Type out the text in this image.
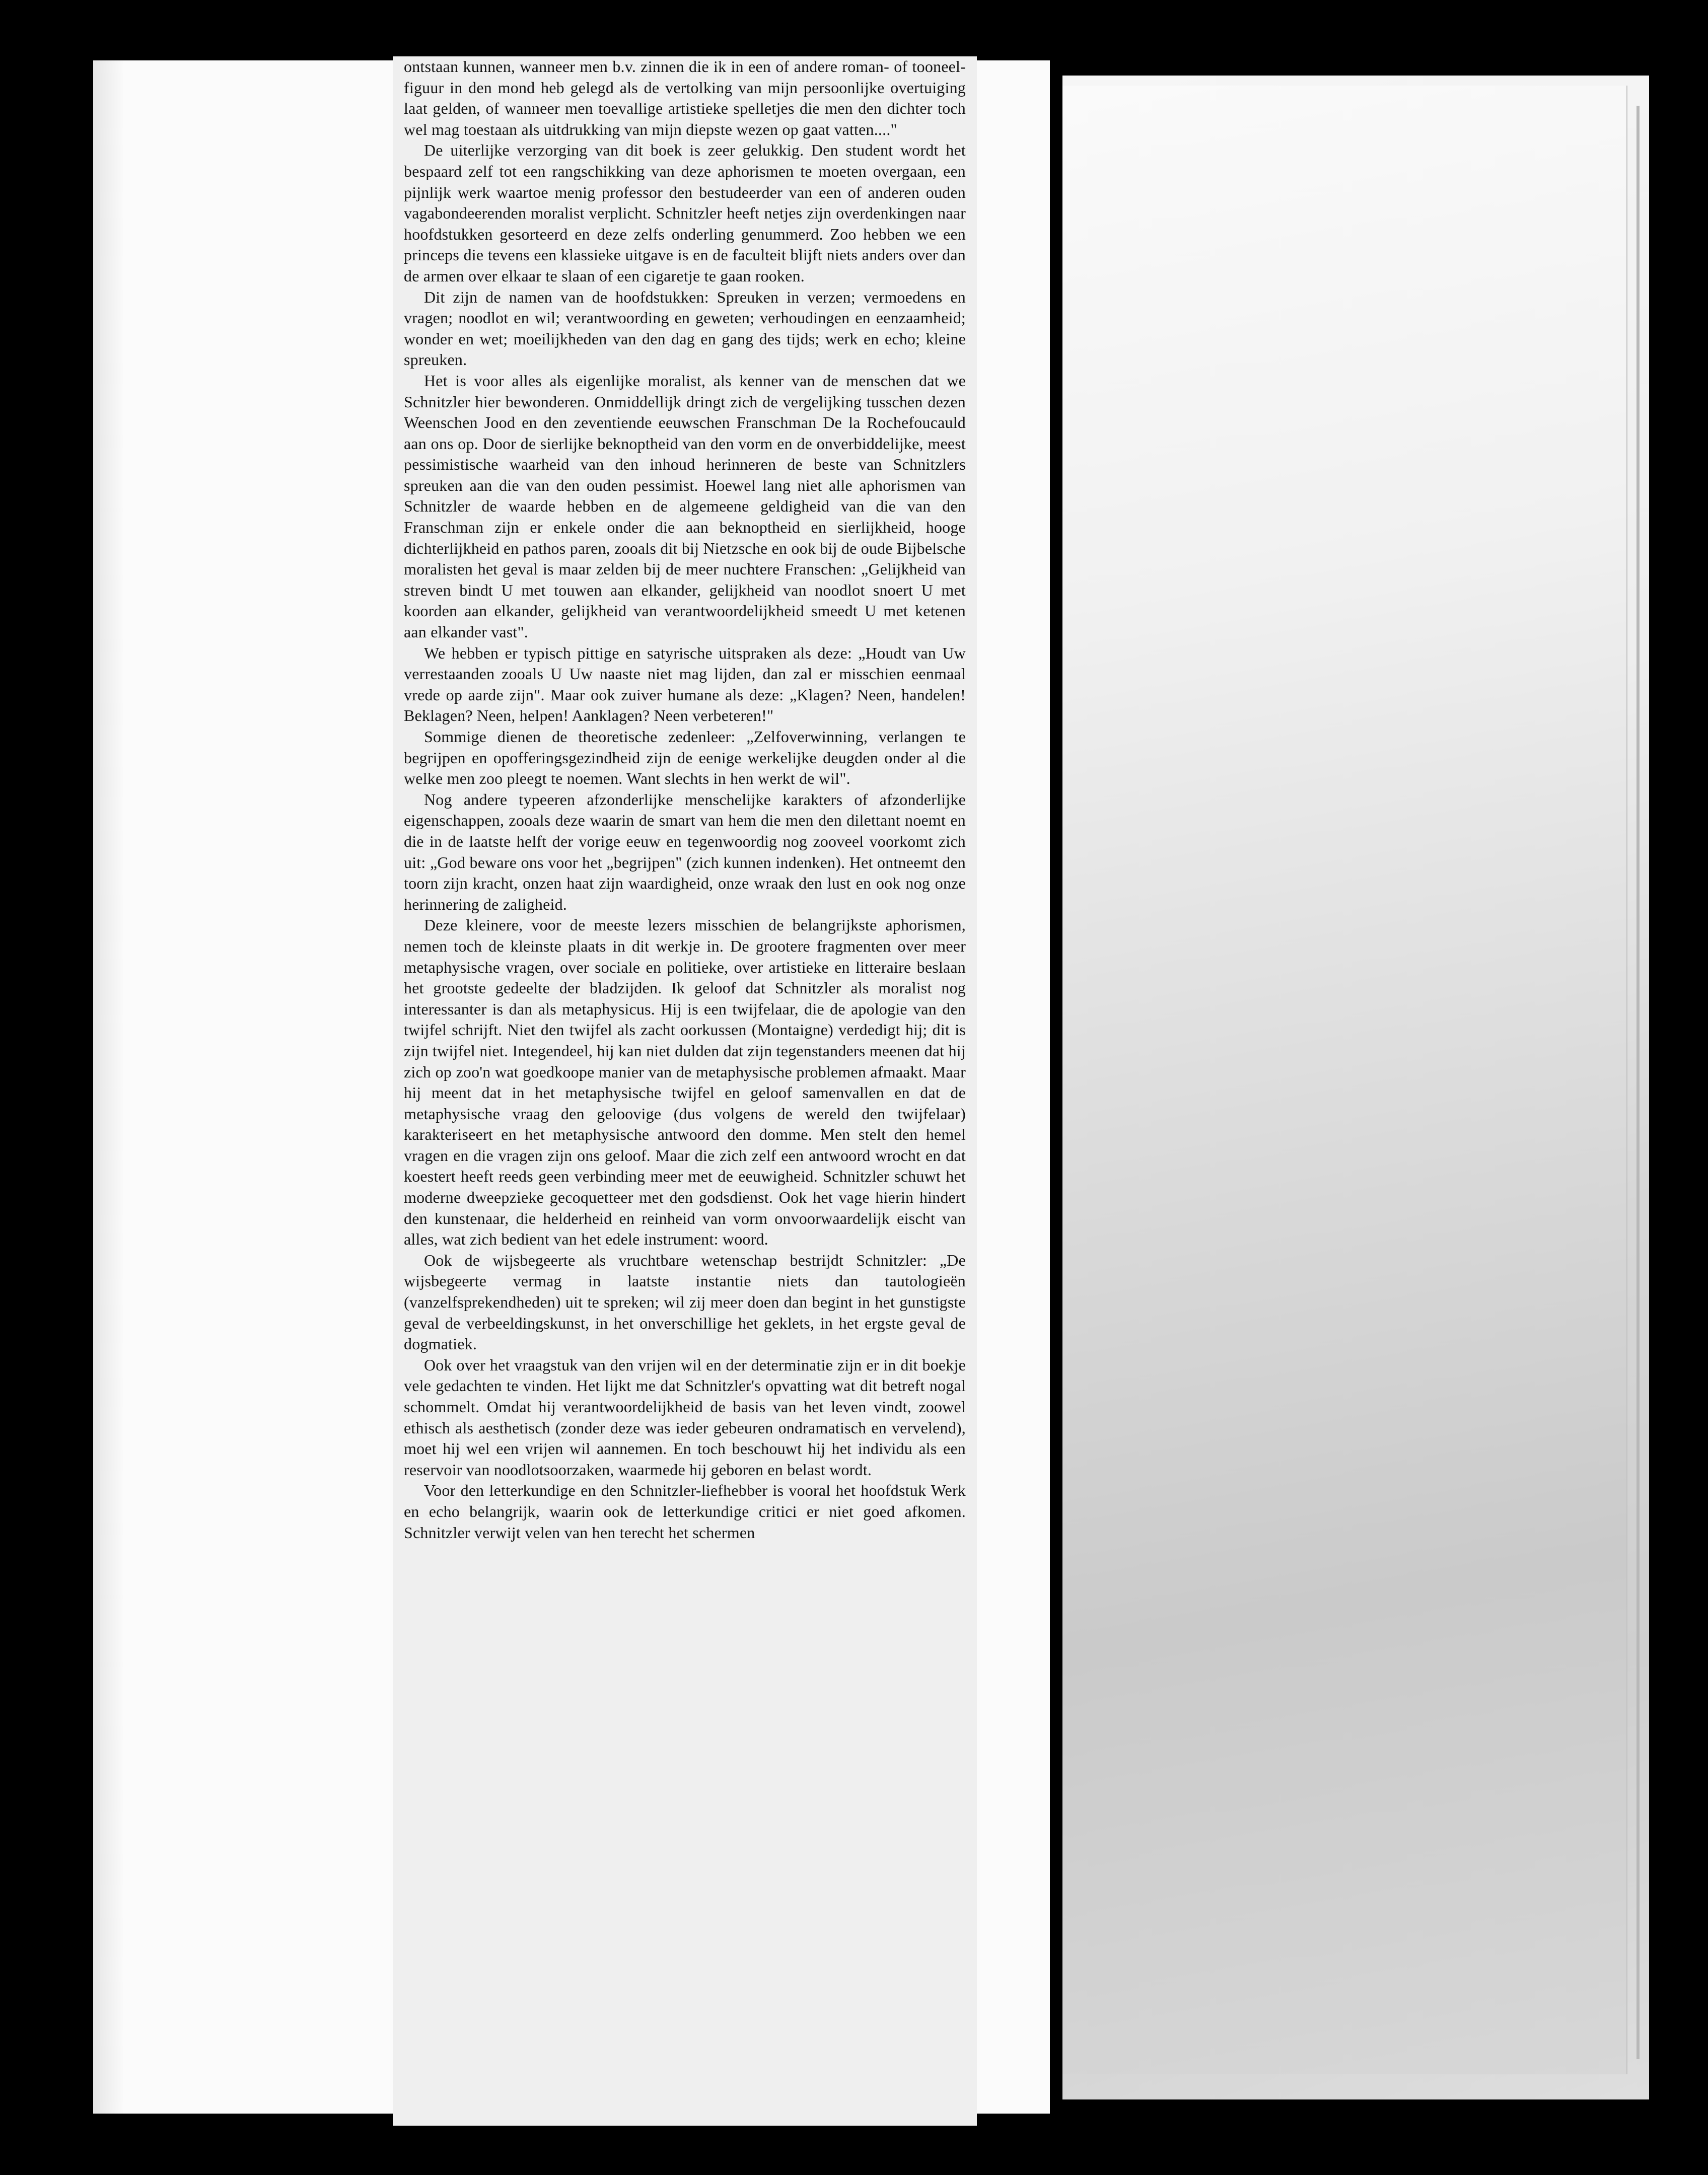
ontstaan kunnen, wanneer men b.v. zinnen die ik in een of andere roman- of tooneel-figuur in den mond heb gelegd als de vertolking van mijn persoonlijke overtuiging laat gelden, of wanneer men toevallige artistieke spelletjes die men den dichter toch wel mag toestaan als uitdrukking van mijn diepste wezen op gaat vatten...."

De uiterlijke verzorging van dit boek is zeer gelukkig. Den student wordt het bespaard zelf tot een rangschikking van deze aphorismen te moeten overgaan, een pijnlijk werk waartoe menig professor den bestudeerder van een of anderen ouden vagabondeerenden moralist verplicht. Schnitzler heeft netjes zijn overdenkingen naar hoofdstukken gesorteerd en deze zelfs onderling genummerd. Zoo hebben we een princeps die tevens een klassieke uitgave is en de faculteit blijft niets anders over dan de armen over elkaar te slaan of een cigaretje te gaan rooken.

Dit zijn de namen van de hoofdstukken: Spreuken in verzen; vermoedens en vragen; noodlot en wil; verantwoording en geweten; verhoudingen en eenzaamheid; wonder en wet; moeilijkheden van den dag en gang des tijds; werk en echo; kleine spreuken.

Het is voor alles als eigenlijke moralist, als kenner van de menschen dat we Schnitzler hier bewonderen. Onmiddellijk dringt zich de vergelijking tusschen dezen Weenschen Jood en den zeventiende eeuwschen Franschman De la Rochefoucauld aan ons op. Door de sierlijke beknoptheid van den vorm en de onverbiddelijke, meest pessimistische waarheid van den inhoud herinneren de beste van Schnitzlers spreuken aan die van den ouden pessimist. Hoewel lang niet alle aphorismen van Schnitzler de waarde hebben en de algemeene geldigheid van die van den Franschman zijn er enkele onder die aan beknoptheid en sierlijkheid, hooge dichterlijkheid en pathos paren, zooals dit bij Nietzsche en ook bij de oude Bijbelsche moralisten het geval is maar zelden bij de meer nuchtere Franschen: „Gelijkheid van streven bindt U met touwen aan elkander, gelijkheid van noodlot snoert U met koorden aan elkander, gelijkheid van verantwoordelijkheid smeedt U met ketenen aan elkander vast".

We hebben er typisch pittige en satyrische uitspraken als deze: „Houdt van Uw verrestaanden zooals U Uw naaste niet mag lijden, dan zal er misschien eenmaal vrede op aarde zijn". Maar ook zuiver humane als deze: „Klagen? Neen, handelen! Beklagen? Neen, helpen! Aanklagen? Neen verbeteren!"

Sommige dienen de theoretische zedenleer: „Zelfoverwinning, verlangen te begrijpen en opofferingsgezindheid zijn de eenige werkelijke deugden onder al die welke men zoo pleegt te noemen. Want slechts in hen werkt de wil".

Nog andere typeeren afzonderlijke menschelijke karakters of afzonderlijke eigenschappen, zooals deze waarin de smart van hem die men den dilettant noemt en die in de laatste helft der vorige eeuw en tegenwoordig nog zooveel voorkomt zich uit: „God beware ons voor het „begrijpen" (zich kunnen indenken). Het ontneemt den toorn zijn kracht, onzen haat zijn waardigheid, onze wraak den lust en ook nog onze herinnering de zaligheid.

Deze kleinere, voor de meeste lezers misschien de belangrijkste aphorismen, nemen toch de kleinste plaats in dit werkje in. De grootere fragmenten over meer metaphysische vragen, over sociale en politieke, over artistieke en litteraire beslaan het grootste gedeelte der bladzijden. Ik geloof dat Schnitzler als moralist nog interessanter is dan als metaphysicus. Hij is een twijfelaar, die de apologie van den twijfel schrijft. Niet den twijfel als zacht oorkussen (Montaigne) verdedigt hij; dit is zijn twijfel niet. Integendeel, hij kan niet dulden dat zijn tegenstanders meenen dat hij zich op zoo'n wat goedkoope manier van de metaphysische problemen afmaakt. Maar hij meent dat in het metaphysische twijfel en geloof samenvallen en dat de metaphysische vraag den geloovige (dus volgens de wereld den twijfelaar) karakteriseert en het metaphysische antwoord den domme. Men stelt den hemel vragen en die vragen zijn ons geloof. Maar die zich zelf een antwoord wrocht en dat koestert heeft reeds geen verbinding meer met de eeuwigheid. Schnitzler schuwt het moderne dweepzieke gecoquetteer met den godsdienst. Ook het vage hierin hindert den kunstenaar, die helderheid en reinheid van vorm onvoorwaardelijk eischt van alles, wat zich bedient van het edele instrument: woord.

Ook de wijsbegeerte als vruchtbare wetenschap bestrijdt Schnitzler: „De wijsbegeerte vermag in laatste instantie niets dan tautologieën (vanzelfsprekendheden) uit te spreken; wil zij meer doen dan begint in het gunstigste geval de verbeeldingskunst, in het onverschillige het geklets, in het ergste geval de dogmatiek.

Ook over het vraagstuk van den vrijen wil en der determinatie zijn er in dit boekje vele gedachten te vinden. Het lijkt me dat Schnitzler's opvatting wat dit betreft nogal schommelt. Omdat hij verantwoordelijkheid de basis van het leven vindt, zoowel ethisch als aesthetisch (zonder deze was ieder gebeuren ondramatisch en vervelend), moet hij wel een vrijen wil aannemen. En toch beschouwt hij het individu als een reservoir van noodlotsoorzaken, waarmede hij geboren en belast wordt.

Voor den letterkundige en den Schnitzler-liefhebber is vooral het hoofdstuk Werk en echo belangrijk, waarin ook de letterkundige critici er niet goed afkomen. Schnitzler verwijt velen van hen terecht het schermen
